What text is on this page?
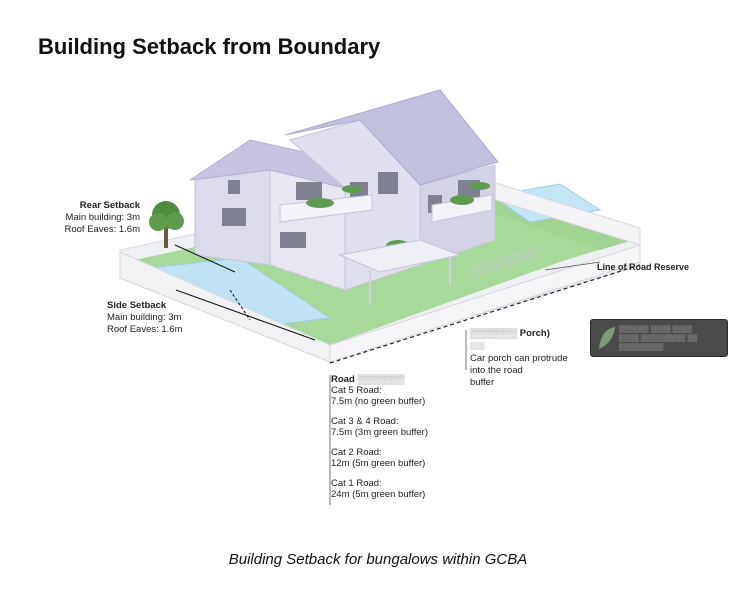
Building Setback from Boundary
Rear Setback
Main building: 3m
Roof Eaves: 1.6m
Side Setback
Main building: 3m
Roof Eaves: 1.6m
Line of Road Reserve
▒▒▒▒▒▒▒ Porch)
▒▒▒
Car porch can protrude
into the road
buffer
Road ▒▒▒▒▒▒▒

Cat 5 Road:
7.5m (no green buffer)
Cat 3 & 4 Road:
7.5m (3m green buffer)
Cat 2 Road:
12m (5m green buffer)
Cat 1 Road:
24m (5m green buffer)
▒▒▒▒▒▒ ▒▒▒▒ ▒▒▒▒
▒▒▒▒ ▒▒▒▒▒▒▒▒▒ ▒▒
▒▒▒▒▒▒▒▒▒
Building Setback for bungalows within GCBA
